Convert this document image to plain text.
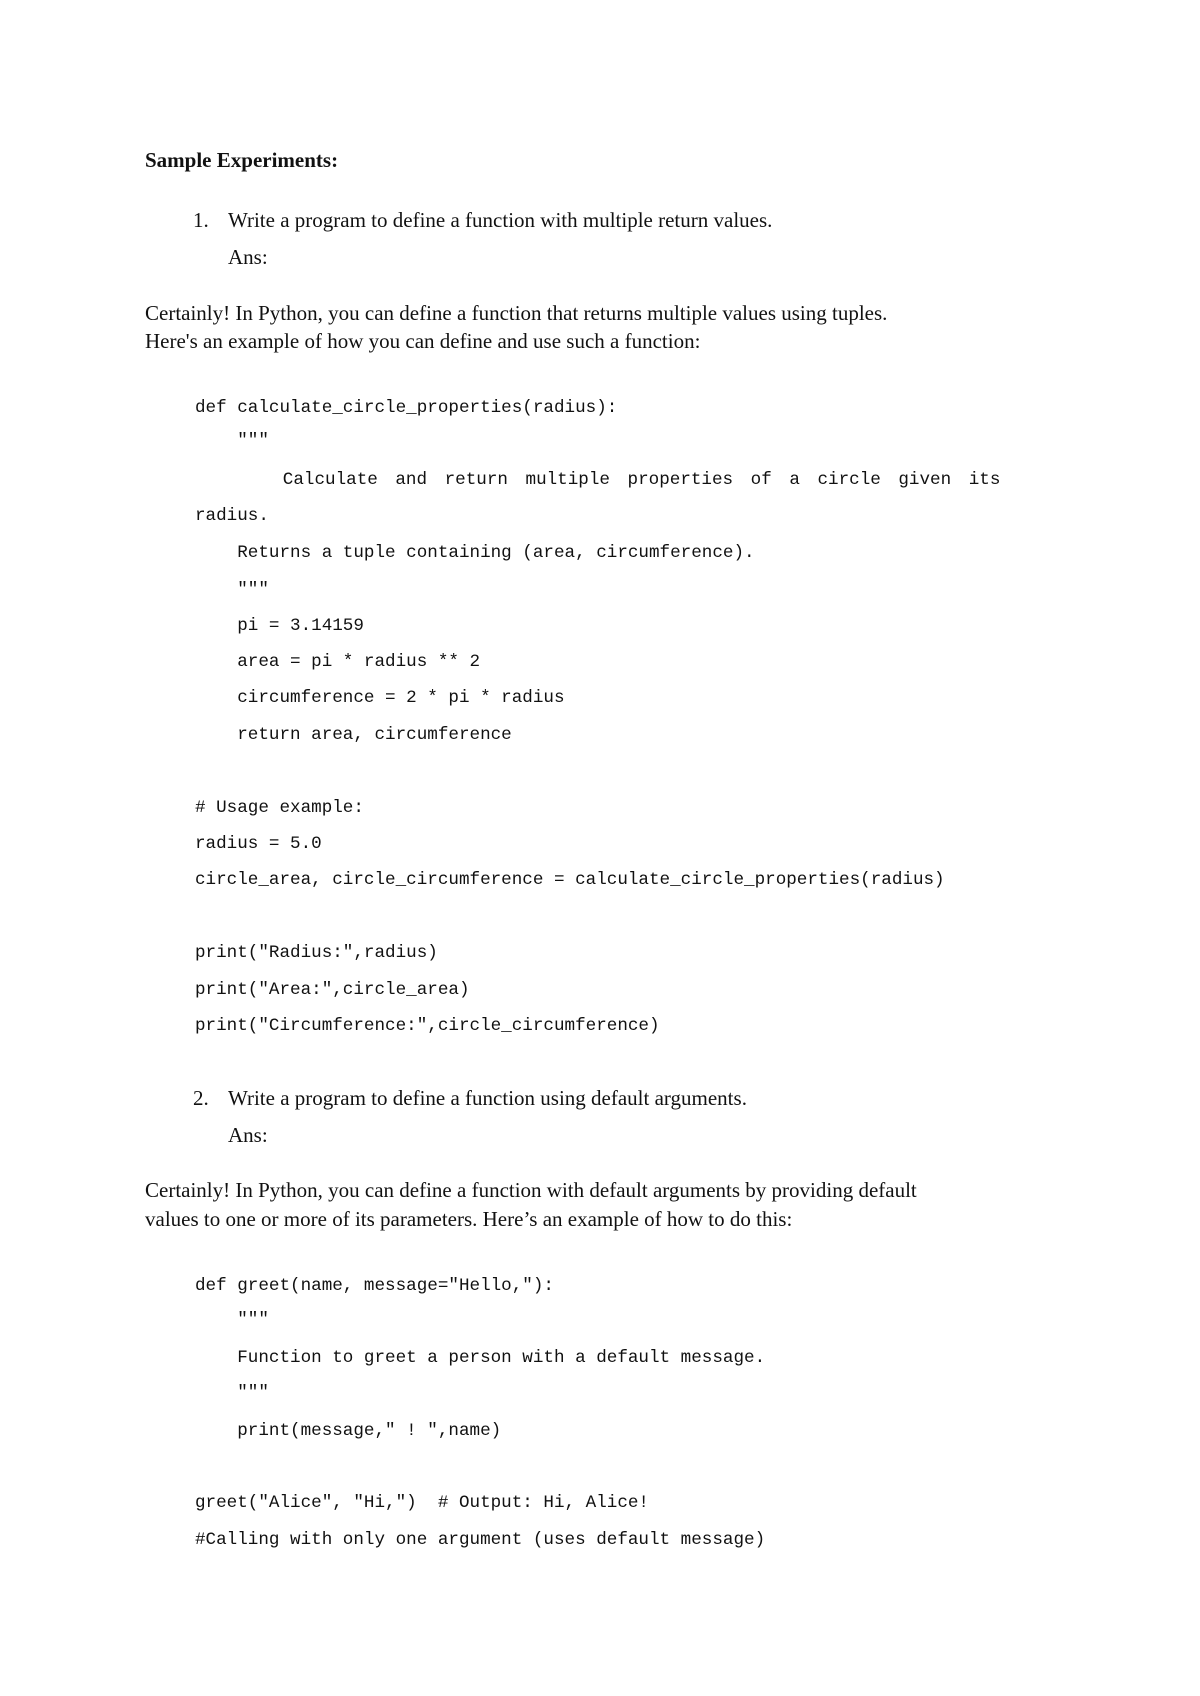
Sample Experiments:
1. Write a program to define a function with multiple return values.
Ans:
Certainly! In Python, you can define a function that returns multiple values using tuples.
Here's an example of how you can define and use such a function:
def calculate_circle_properties(radius):
"""
Calculate and return multiple properties of a circle given its
radius.
Returns a tuple containing (area, circumference).
"""
pi = 3.14159
area = pi * radius ** 2
circumference = 2 * pi * radius
return area, circumference
# Usage example:
radius = 5.0
circle_area, circle_circumference = calculate_circle_properties(radius)
print("Radius:",radius)
print("Area:",circle_area)
print("Circumference:",circle_circumference)
2. Write a program to define a function using default arguments.
Ans:
Certainly! In Python, you can define a function with default arguments by providing default
values to one or more of its parameters. Here’s an example of how to do this:
def greet(name, message="Hello,"):
"""
Function to greet a person with a default message.
"""
print(message," ! ",name)
greet("Alice", "Hi,")  # Output: Hi, Alice!
#Calling with only one argument (uses default message)
